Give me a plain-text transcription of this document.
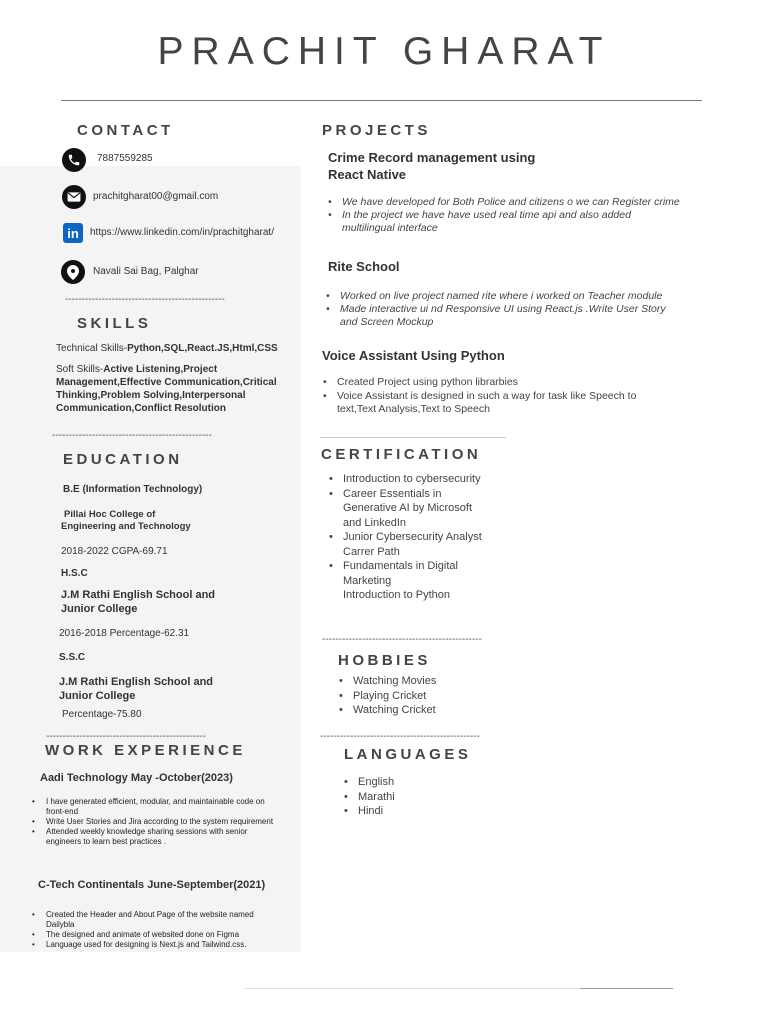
PRACHIT GHARAT
CONTACT
7887559285
prachitgharat00@gmail.com
in	https://www.linkedin.com/in/prachitgharat/
Navali Sai Bag, Palghar
------------------------------------------------
SKILLS
Technical Skills-Python,SQL,React.JS,Html,CSS
Soft Skills-Active Listening,Project
Management,Effective Communication,Critical
Thinking,Problem Solving,Interpersonal
Communication,Conflict Resolution
------------------------------------------------
EDUCATION
B.E (Information Technology)
Pillai Hoc College of
Engineering and Technology
2018-2022 CGPA-69.71
H.S.C
J.M Rathi English School and
Junior College
2016-2018 Percentage-62.31
S.S.C
J.M Rathi English School and
Junior College
Percentage-75.80
------------------------------------------------
WORK EXPERIENCE
Aadi Technology May -October(2023)
• I have generated efficient, modular, and maintainable code on
front-end
• Write User Stories and Jira according to the system requirement
• Attended weekly knowledge sharing sessions with senior
engineers to learn best practices .
C-Tech Continentals June-September(2021)
• Created the Header and About Page of the website named
Dailybla
• The designed and animate of websited done on Figma
• Language used for designing is Next.js and Tailwind.css.
PROJECTS
Crime Record management using
React Native
• We have developed for Both Police and citizens o we can Register crime
• In the project we have have used real time api and also added
multilingual interface
Rite School
• Worked on live project named rite where i worked on Teacher module
• Made interactive ui nd Responsive UI using React.js .Write User Story
and Screen Mockup
Voice Assistant Using Python
• Created Project using python librarbies
• Voice Assistant is designed in such a way for task like Speech to
text,Text Analysis,Text to Speech
CERTIFICATION
• Introduction to cybersecurity
• Career Essentials in
Generative AI by Microsoft
and LinkedIn
• Junior Cybersecurity Analyst
Carrer Path
• Fundamentals in Digital
Marketing
Introduction to Python
------------------------------------------------
HOBBIES
• Watching Movies
• Playing Cricket
• Watching Cricket
------------------------------------------------
LANGUAGES
• English
• Marathi
• Hindi
